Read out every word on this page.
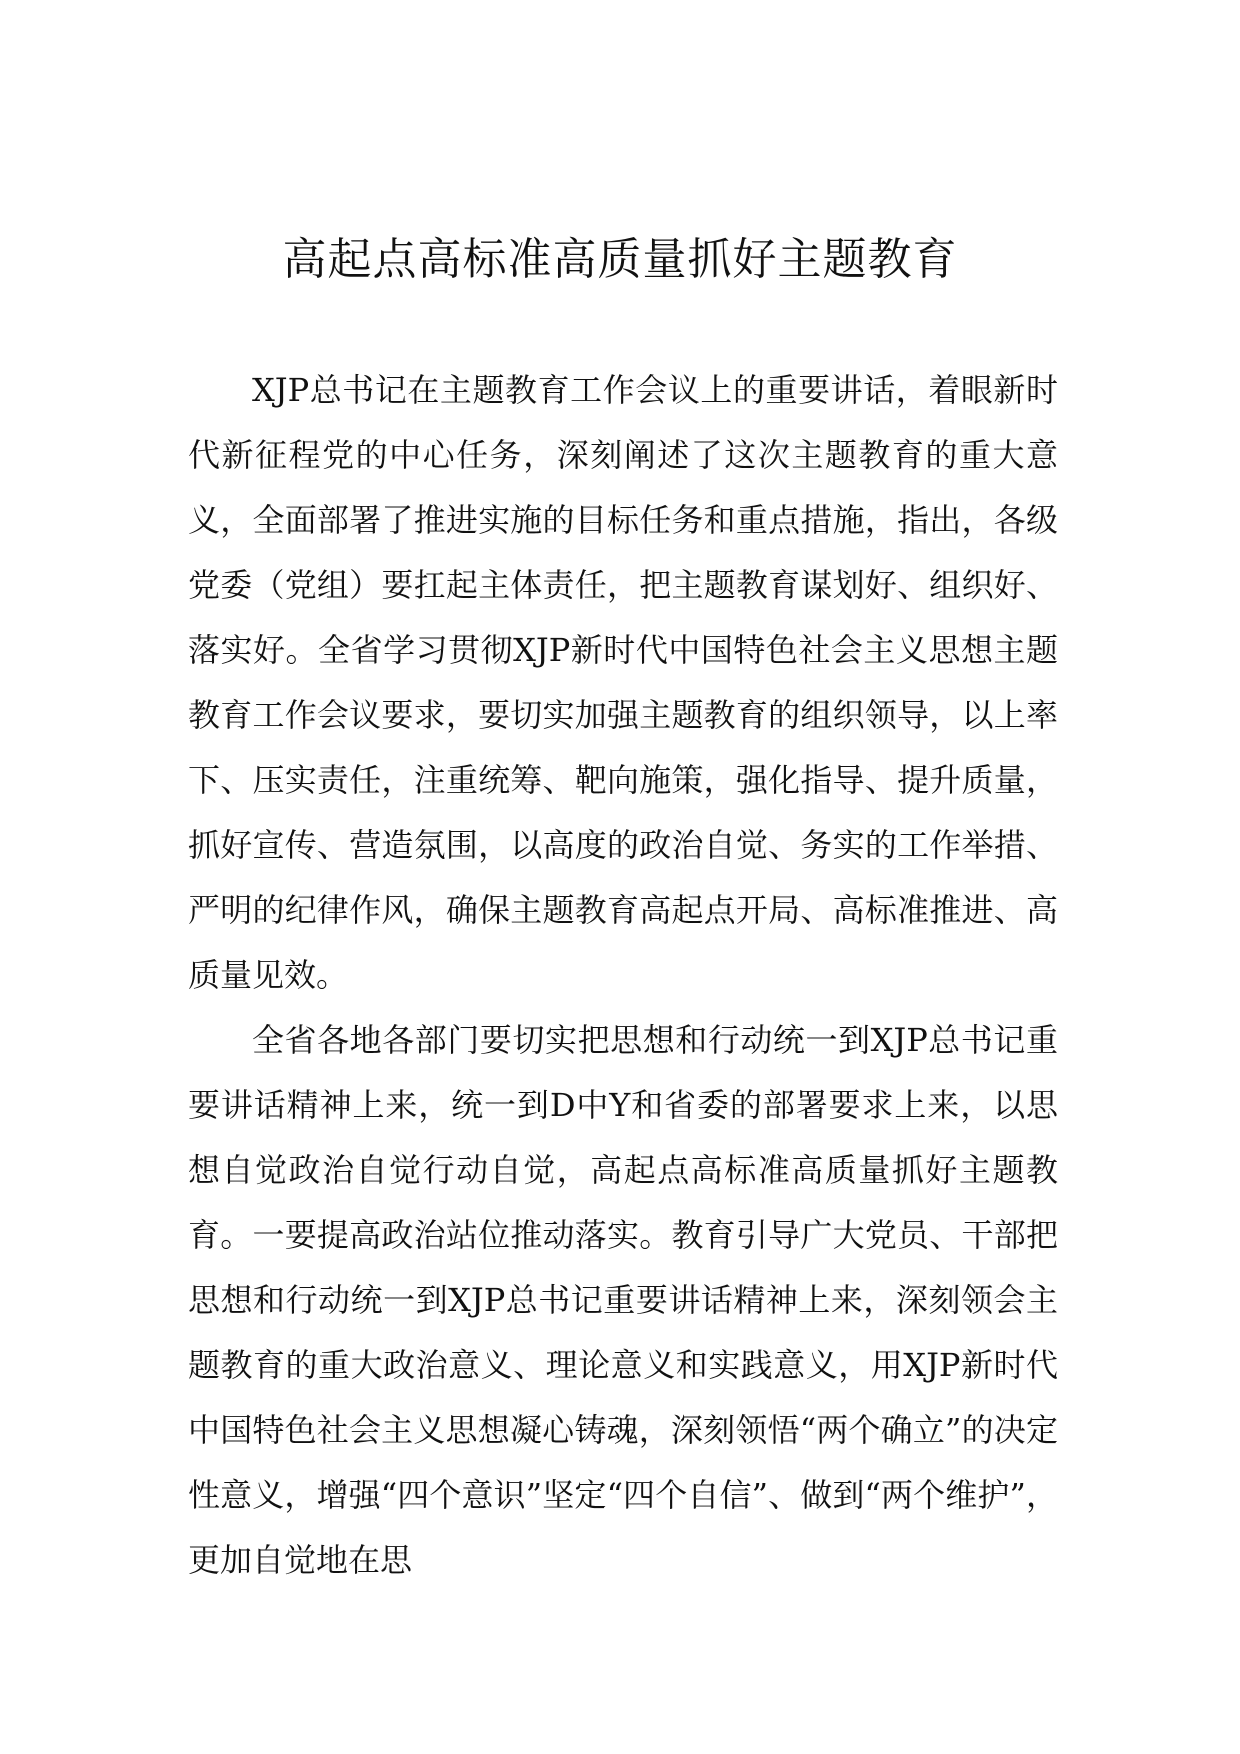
高起点高标准高质量抓好主题教育

XJP总书记在主题教育工作会议上的重要讲话，着眼新时代新征程党的中心任务，深刻阐述了这次主题教育的重大意义，全面部署了推进实施的目标任务和重点措施，指出，各级党委（党组）要扛起主体责任，把主题教育谋划好、组织好、落实好。全省学习贯彻XJP新时代中国特色社会主义思想主题教育工作会议要求，要切实加强主题教育的组织领导，以上率下、压实责任，注重统筹、靶向施策，强化指导、提升质量，抓好宣传、营造氛围，以高度的政治自觉、务实的工作举措、严明的纪律作风，确保主题教育高起点开局、高标准推进、高质量见效。

全省各地各部门要切实把思想和行动统一到XJP总书记重要讲话精神上来，统一到D中Y和省委的部署要求上来，以思想自觉政治自觉行动自觉，高起点高标准高质量抓好主题教育。一要提高政治站位推动落实。教育引导广大党员、干部把思想和行动统一到XJP总书记重要讲话精神上来，深刻领会主题教育的重大政治意义、理论意义和实践意义，用XJP新时代中国特色社会主义思想凝心铸魂，深刻领悟“两个确立”的决定性意义，增强“四个意识”坚定“四个自信”、做到“两个维护”，更加自觉地在思
